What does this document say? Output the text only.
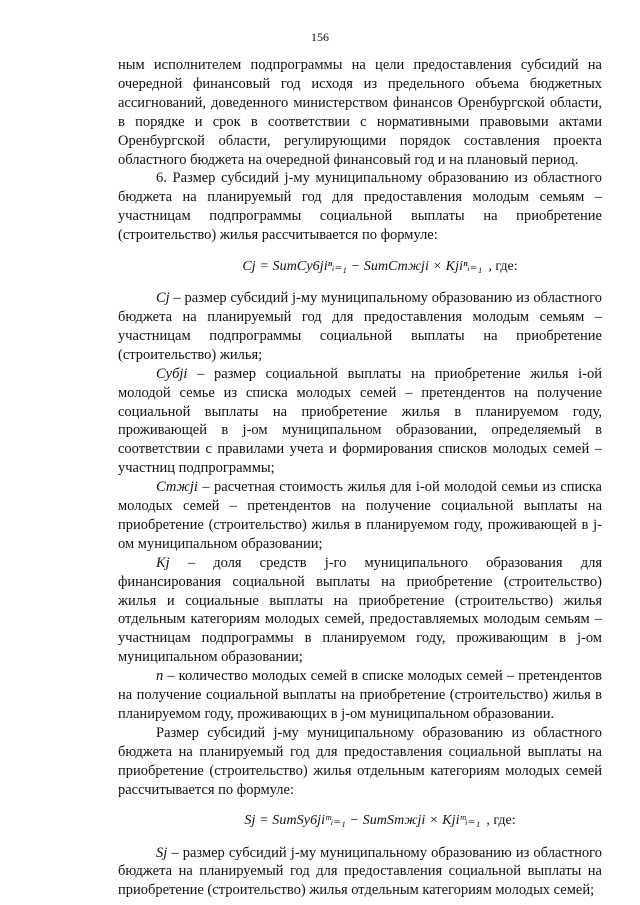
156

ным исполнителем подпрограммы на цели предоставления субсидий на очередной финансовый год исходя из предельного объема бюджетных ассигнований, доведенного министерством финансов Оренбургской области, в порядке и срок в соответствии с нормативными правовыми актами Оренбургской области, регулирующими порядок составления проекта областного бюджета на очередной финансовый год и на плановый период.

6. Размер субсидий j-му муниципальному образованию из областного бюджета на планируемый год для предоставления молодым семьям – участницам подпрограммы социальной выплаты на приобретение (строительство) жилья рассчитывается по формуле:

Cj = SumCy6jiⁿᵢ₌₁ − SumCmжji × Kjiⁿᵢ₌₁ , где:

Cj – размер субсидий j-му муниципальному образованию из областного бюджета на планируемый год для предоставления молодым семьям – участницам подпрограммы социальной выплаты на приобретение (строительство) жилья;

Субji – размер социальной выплаты на приобретение жилья i-ой молодой семье из списка молодых семей – претендентов на получение социальной выплаты на приобретение жилья в планируемом году, проживающей в j-ом муниципальном образовании, определяемый в соответствии с правилами учета и формирования списков молодых семей – участниц подпрограммы;

Стжji – расчетная стоимость жилья для i-ой молодой семьи из списка молодых семей – претендентов на получение социальной выплаты на приобретение (строительство) жилья в планируемом году, проживающей в j-ом муниципальном образовании;

Kj – доля средств j-го муниципального образования для финансирования социальной выплаты на приобретение (строительство) жилья и социальные выплаты на приобретение (строительство) жилья отдельным категориям молодых семей, предоставляемых молодым семьям – участницам подпрограммы в планируемом году, проживающим в j-ом муниципальном образовании;

n – количество молодых семей в списке молодых семей – претендентов на получение социальной выплаты на приобретение (строительство) жилья в планируемом году, проживающих в j-ом муниципальном образовании.

Размер субсидий j-му муниципальному образованию из областного бюджета на планируемый год для предоставления социальной выплаты на приобретение (строительство) жилья отдельным категориям молодых семей рассчитывается по формуле:

Sj = SumSy6jiᵐᵢ₌₁ − SumSmжji × Kjiᵐᵢ₌₁ , где:

Sj – размер субсидий j-му муниципальному образованию из областного бюджета на планируемый год для предоставления социальной выплаты на приобретение (строительство) жилья отдельным категориям молодых семей;
